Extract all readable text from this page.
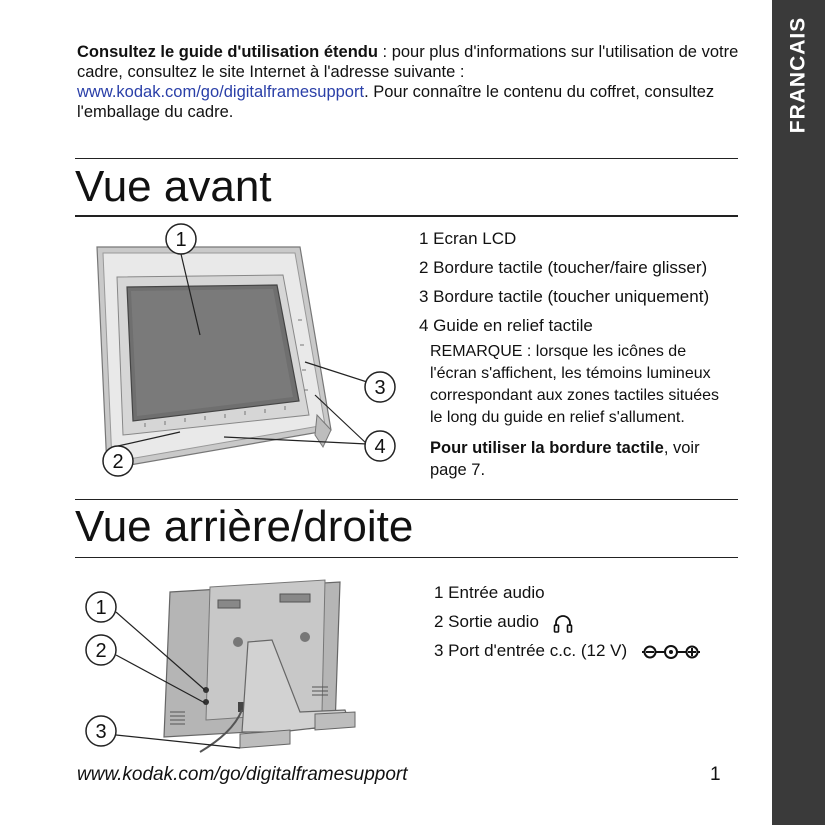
FRANCAIS
Consultez le guide d'utilisation étendu : pour plus d'informations sur l'utilisation de votre cadre, consultez le site Internet à l'adresse suivante : www.kodak.com/go/digitalframesupport. Pour connaître le contenu du coffret, consultez l'emballage du cadre.
Vue avant
1
2
3
4
1 Ecran LCD
2 Bordure tactile (toucher/faire glisser)
3 Bordure tactile (toucher uniquement)
4 Guide en relief tactile
REMARQUE : lorsque les icônes de l'écran s'affichent, les témoins lumineux correspondant aux zones tactiles situées le long du guide en relief s'allument.
Pour utiliser la bordure tactile, voir page 7.
Vue arrière/droite
1
2
3
1 Entrée audio
2 Sortie audio
3 Port d'entrée c.c. (12 V)
www.kodak.com/go/digitalframesupport	1
